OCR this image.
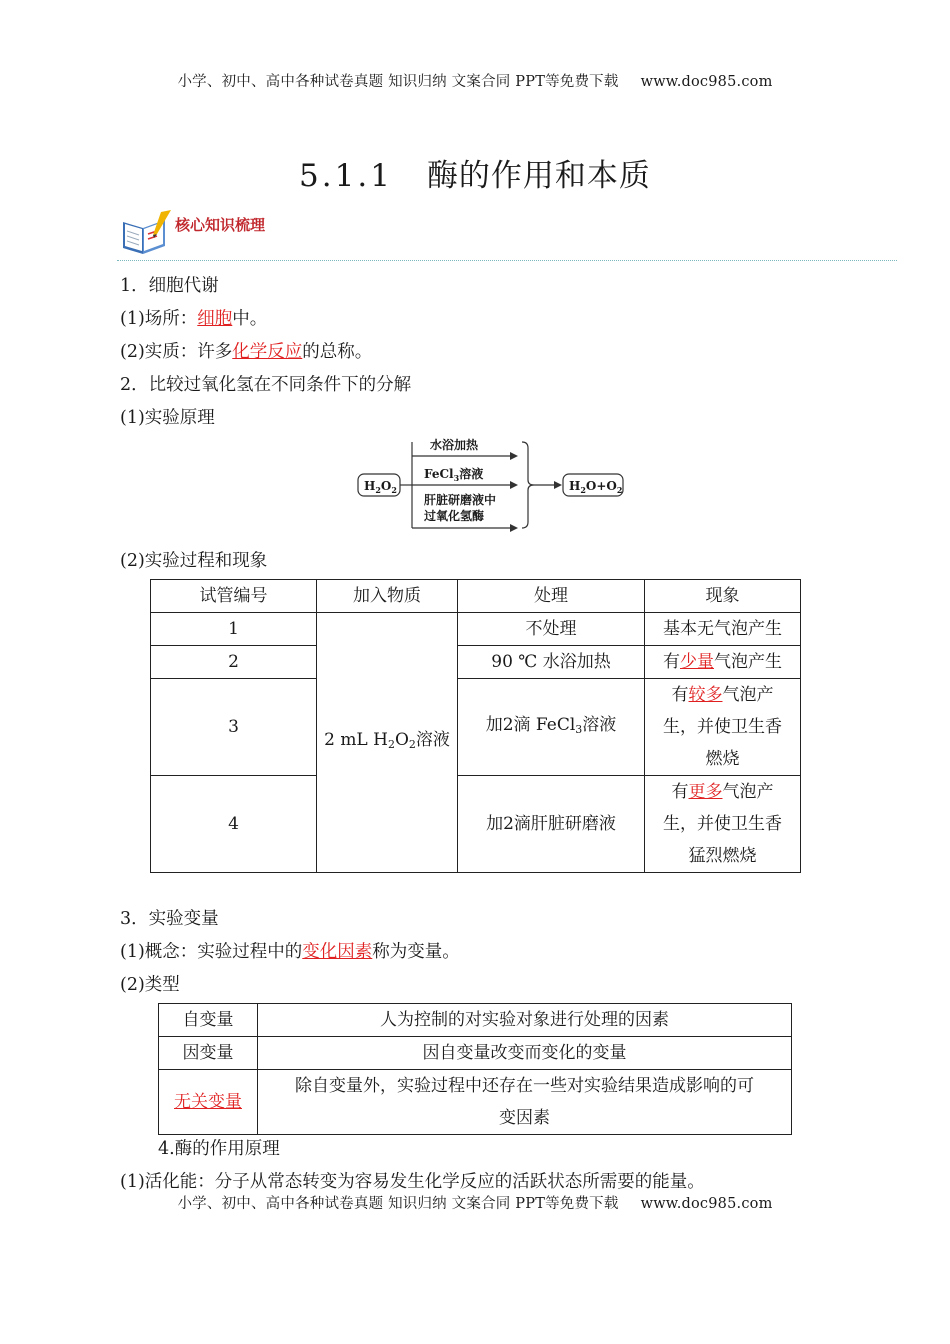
小学、初中、高中各种试卷真题 知识归纳 文案合同 PPT等免费下载 www.doc985.com
5.1.1 酶的作用和本质
核心知识梳理
1．细胞代谢
(1)场所：细胞中。
(2)实质：许多化学反应的总称。
2．比较过氧化氢在不同条件下的分解
(1)实验原理
$H_2O_2$
水浴加热
FeCl$_3$溶液
肝脏研磨液中
过氧化氢酶
$H_2O+O_2$
(2)实验过程和现象
试管编号	加入物质	处理	现象
1	2 mL $H_2O_2$溶液	不处理	基本无气泡产生
2		90 ℃ 水浴加热	有少量气泡产生
3		加2滴 FeCl$_3$溶液	有较多气泡产
生，并使卫生香
燃烧
4		加2滴肝脏研磨液	有更多气泡产
生，并使卫生香
猛烈燃烧
3．实验变量
(1)概念：实验过程中的变化因素称为变量。
(2)类型
自变量	人为控制的对实验对象进行处理的因素
因变量	因自变量改变而变化的变量
无关变量	除自变量外，实验过程中还存在一些对实验结果造成影响的可
变因素
4.酶的作用原理
(1)活化能：分子从常态转变为容易发生化学反应的活跃状态所需要的能量。
小学、初中、高中各种试卷真题 知识归纳 文案合同 PPT等免费下载 www.doc985.com
